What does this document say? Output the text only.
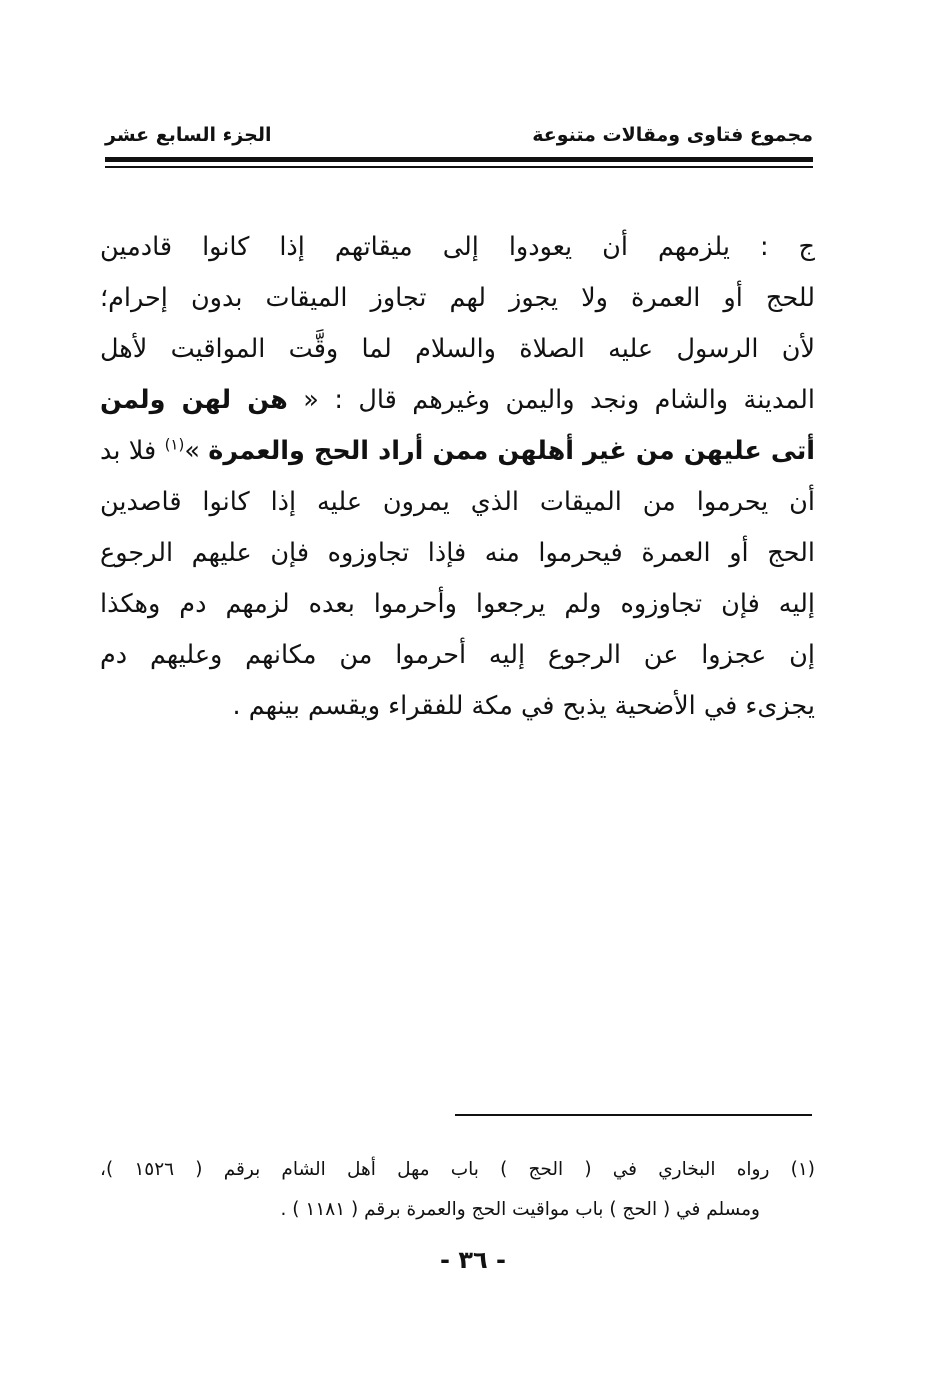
مجموع فتاوى ومقالات متنوعة
الجزء السابع عشر
ج : يلزمهم أن يعودوا إلى ميقاتهم إذا كانوا قادمين
للحج أو العمرة ولا يجوز لهم تجاوز الميقات بدون إحرام؛
لأن الرسول عليه الصلاة والسلام لما وقَّت المواقيت لأهل
المدينة والشام ونجد واليمن وغيرهم قال : « هن لهن ولمن
أتى عليهن من غير أهلهن ممن أراد الحج والعمرة »$^{(١)}$ فلا بد
أن يحرموا من الميقات الذي يمرون عليه إذا كانوا قاصدين
الحج أو العمرة فيحرموا منه فإذا تجاوزوه فإن عليهم الرجوع
إليه فإن تجاوزوه ولم يرجعوا وأحرموا بعده لزمهم دم وهكذا
إن عجزوا عن الرجوع إليه أحرموا من مكانهم وعليهم دم
يجزىء في الأضحية يذبح في مكة للفقراء ويقسم بينهم .
(١) رواه البخاري في ( الحج ) باب مهل أهل الشام برقم ( ١٥٢٦ )،
ومسلم في ( الحج ) باب مواقيت الحج والعمرة برقم ( ١١٨١ ) .
- ٣٦ -
